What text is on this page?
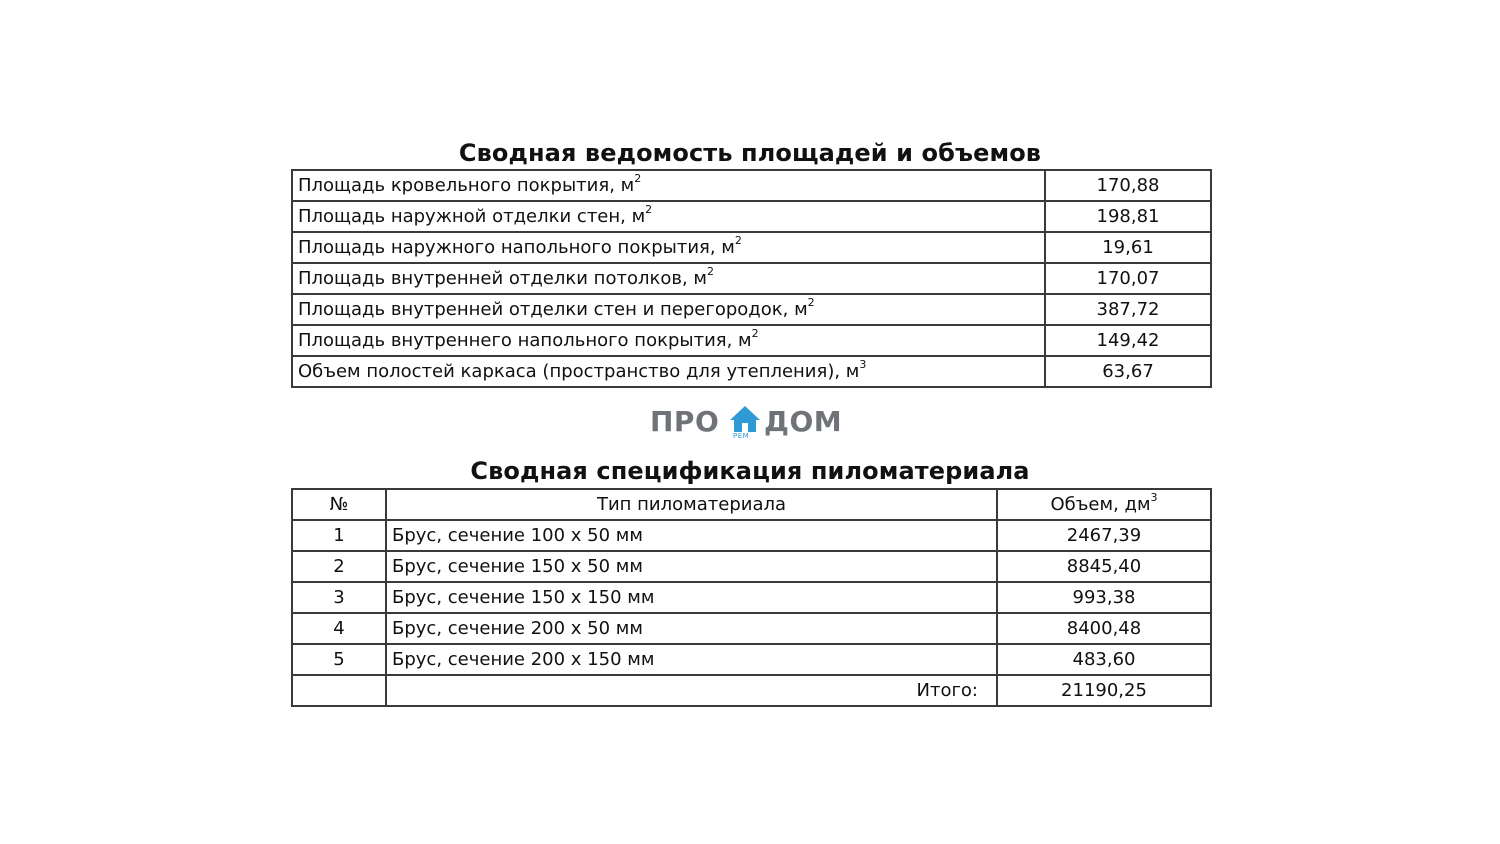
Сводная ведомость площадей и объемов
Площадь кровельного покрытия, $м^2$	170,88
Площадь наружной отделки стен, $м^2$	198,81
Площадь наружного напольного покрытия, $м^2$	19,61
Площадь внутренней отделки потолков, $м^2$	170,07
Площадь внутренней отделки стен и перегородок, $м^2$	387,72
Площадь внутреннего напольного покрытия, $м^2$	149,42
Объем полостей каркаса (пространство для утепления), $м^3$	63,67
ПРО РЕМ ДОМ
Сводная спецификация пиломатериала
№	Тип пиломатериала	Объем, $дм^3$
1	Брус, сечение 100 х 50 мм	2467,39
2	Брус, сечение 150 х 50 мм	8845,40
3	Брус, сечение 150 х 150 мм	993,38
4	Брус, сечение 200 х 50 мм	8400,48
5	Брус, сечение 200 х 150 мм	483,60
	Итого:	21190,25
